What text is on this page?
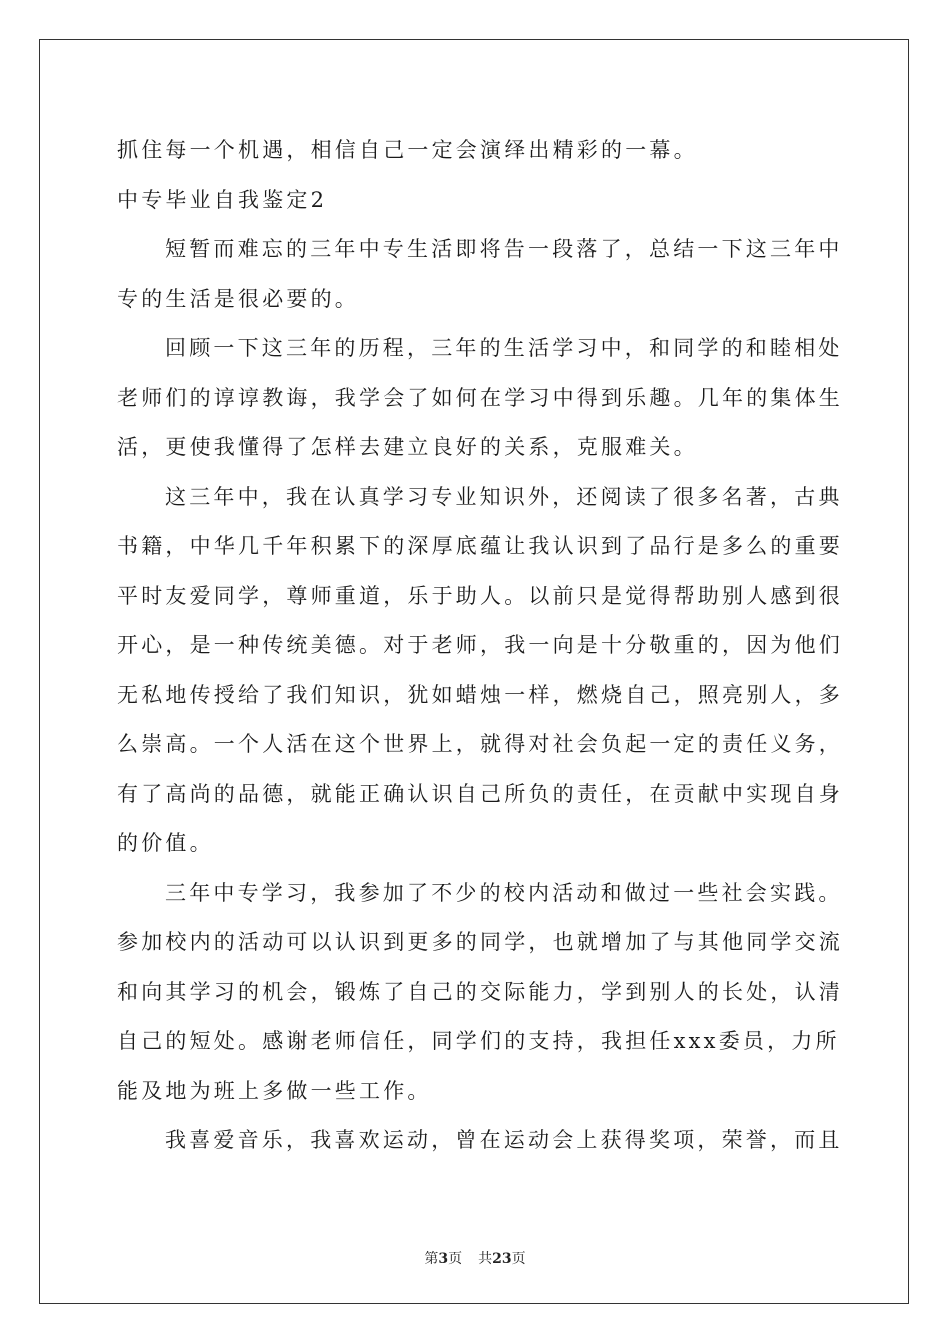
抓住每一个机遇，相信自己一定会演绎出精彩的一幕。
中专毕业自我鉴定2
短暂而难忘的三年中专生活即将告一段落了，总结一下这三年中
专的生活是很必要的。
回顾一下这三年的历程，三年的生活学习中，和同学的和睦相处
老师们的谆谆教诲，我学会了如何在学习中得到乐趣。几年的集体生
活，更使我懂得了怎样去建立良好的关系，克服难关。
这三年中，我在认真学习专业知识外，还阅读了很多名著，古典
书籍，中华几千年积累下的深厚底蕴让我认识到了品行是多么的重要
平时友爱同学，尊师重道，乐于助人。以前只是觉得帮助别人感到很
开心，是一种传统美德。对于老师，我一向是十分敬重的，因为他们
无私地传授给了我们知识，犹如蜡烛一样，燃烧自己，照亮别人，多
么崇高。一个人活在这个世界上，就得对社会负起一定的责任义务，
有了高尚的品德，就能正确认识自己所负的责任，在贡献中实现自身
的价值。
三年中专学习，我参加了不少的校内活动和做过一些社会实践。
参加校内的活动可以认识到更多的同学，也就增加了与其他同学交流
和向其学习的机会，锻炼了自己的交际能力，学到别人的长处，认清
自己的短处。感谢老师信任，同学们的支持，我担任xxx委员，力所
能及地为班上多做一些工作。
我喜爱音乐，我喜欢运动，曾在运动会上获得奖项，荣誉，而且
第3页 共23页
